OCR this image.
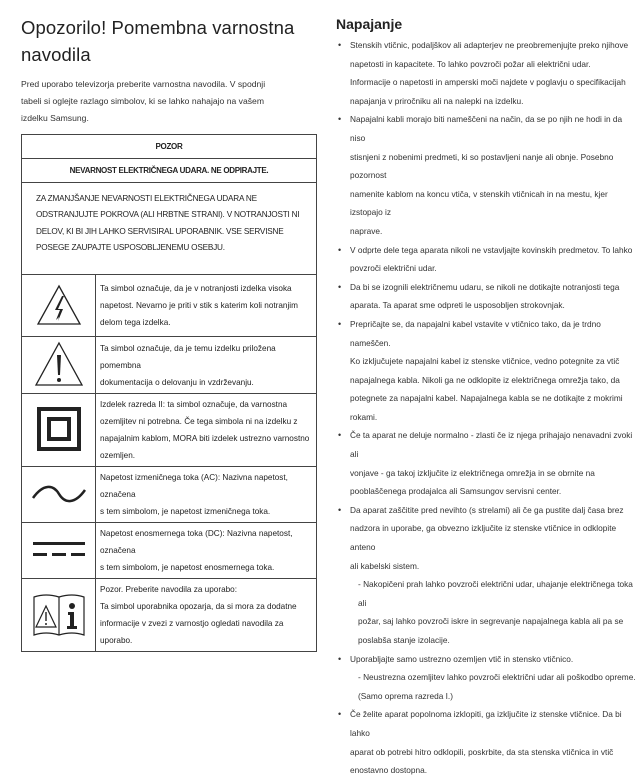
Opozorilo! Pomembna varnostna navodila

Pred uporabo televizorja preberite varnostna navodila. V spodnji
tabeli si oglejte razlago simbolov, ki se lahko nahajajo na vašem
izdelku Samsung.

POZOR	
NEVARNOST ELEKTRIČNEGA UDARA. NE ODPIRAJTE.	
ZA ZMANJŠANJE NEVARNOSTI ELEKTRIČNEGA UDARA NE
ODSTRANJUJTE POKROVA (ALI HRBTNE STRANI). V NOTRANJOSTI NI
DELOV, KI BI JIH LAHKO SERVISIRAL UPORABNIK. VSE SERVISNE
POSEGE ZAUPAJTE USPOSOBLJENEMU OSEBJU.	
	Ta simbol označuje, da je v notranjosti izdelka visoka
napetost. Nevarno je priti v stik s katerim koli notranjim
delom tega izdelka.
	Ta simbol označuje, da je temu izdelku priložena pomembna
dokumentacija o delovanju in vzdrževanju.
	Izdelek razreda II: ta simbol označuje, da varnostna
ozemljitev ni potrebna. Če tega simbola ni na izdelku z
napajalnim kablom, MORA biti izdelek ustrezno varnostno
ozemljen.
	Napetost izmeničnega toka (AC): Nazivna napetost, označena
s tem simbolom, je napetost izmeničnega toka.
	Napetost enosmernega toka (DC): Nazivna napetost, označena
s tem simbolom, je napetost enosmernega toka.
	Pozor. Preberite navodila za uporabo:
Ta simbol uporabnika opozarja, da si mora za dodatne
informacije v zvezi z varnostjo ogledati navodila za uporabo.
Napajanje
• Stenskih vtičnic, podaljškov ali adapterjev ne preobremenjujte preko njihove
napetosti in kapacitete. To lahko povzroči požar ali električni udar.
Informacije o napetosti in amperski moči najdete v poglavju o specifikacijah
napajanja v priročniku ali na nalepki na izdelku.
• Napajalni kabli morajo biti nameščeni na način, da se po njih ne hodi in da niso
stisnjeni z nobenimi predmeti, ki so postavljeni nanje ali obnje. Posebno pozornost
namenite kablom na koncu vtiča, v stenskih vtičnicah in na mestu, kjer izstopajo iz
naprave.
• V odprte dele tega aparata nikoli ne vstavljajte kovinskih predmetov. To lahko
povzroči električni udar.
• Da bi se izognili električnemu udaru, se nikoli ne dotikajte notranjosti tega
aparata. Ta aparat sme odpreti le usposobljen strokovnjak.
• Prepričajte se, da napajalni kabel vstavite v vtičnico tako, da je trdno nameščen.
Ko izključujete napajalni kabel iz stenske vtičnice, vedno potegnite za vtič
napajalnega kabla. Nikoli ga ne odklopite iz električnega omrežja tako, da
potegnete za napajalni kabel. Napajalnega kabla se ne dotikajte z mokrimi rokami.
• Če ta aparat ne deluje normalno - zlasti če iz njega prihajajo nenavadni zvoki ali
vonjave - ga takoj izključite iz električnega omrežja in se obrnite na
pooblaščenega prodajalca ali Samsungov servisni center.
• Da aparat zaščitite pred nevihto (s strelami) ali če ga pustite dalj časa brez
nadzora in uporabe, ga obvezno izključite iz stenske vtičnice in odklopite anteno
ali kabelski sistem.
- Nakopičeni prah lahko povzroči električni udar, uhajanje električnega toka ali
požar, saj lahko povzroči iskre in segrevanje napajalnega kabla ali pa se
poslabša stanje izolacije.
• Uporabljajte samo ustrezno ozemljen vtič in stensko vtičnico.
- Neustrezna ozemljitev lahko povzroči električni udar ali poškodbo opreme.
(Samo oprema razreda I.)
• Če želite aparat popolnoma izklopiti, ga izključite iz stenske vtičnice. Da bi lahko
aparat ob potrebi hitro odklopili, poskrbite, da sta stenska vtičnica in vtič
enostavno dostopna.
